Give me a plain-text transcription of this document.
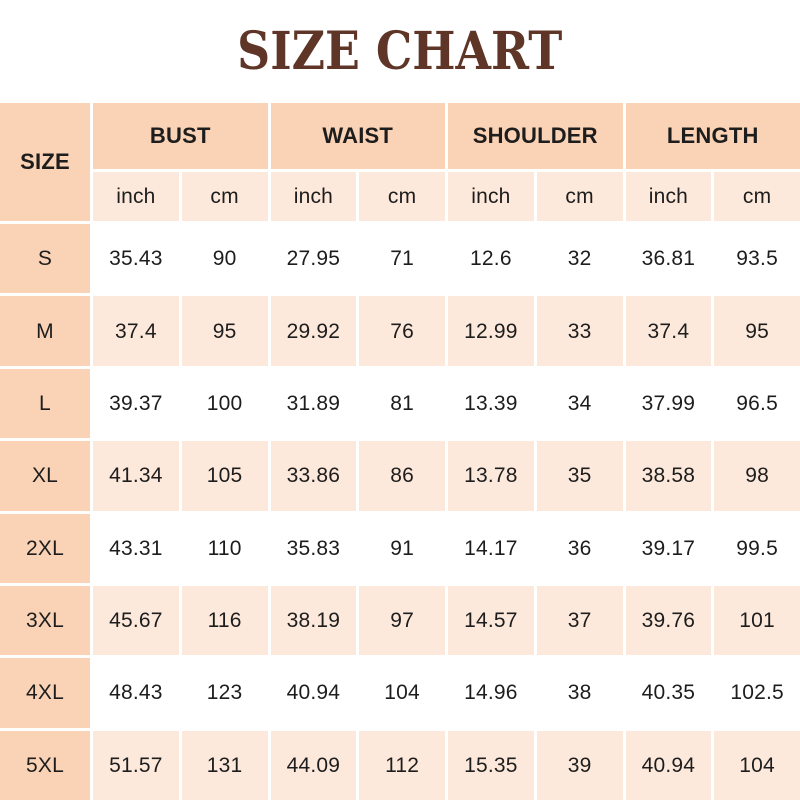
SIZE CHART
SIZE
BUST	WAIST	SHOULDER	LENGTH
inch	cm	inch	cm	inch	cm	inch	cm
S	35.43	90	27.95	71	12.6	32	36.81	93.5
M	37.4	95	29.92	76	12.99	33	37.4	95
L	39.37	100	31.89	81	13.39	34	37.99	96.5
XL	41.34	105	33.86	86	13.78	35	38.58	98
2XL	43.31	110	35.83	91	14.17	36	39.17	99.5
3XL	45.67	116	38.19	97	14.57	37	39.76	101
4XL	48.43	123	40.94	104	14.96	38	40.35	102.5
5XL	51.57	131	44.09	112	15.35	39	40.94	104
